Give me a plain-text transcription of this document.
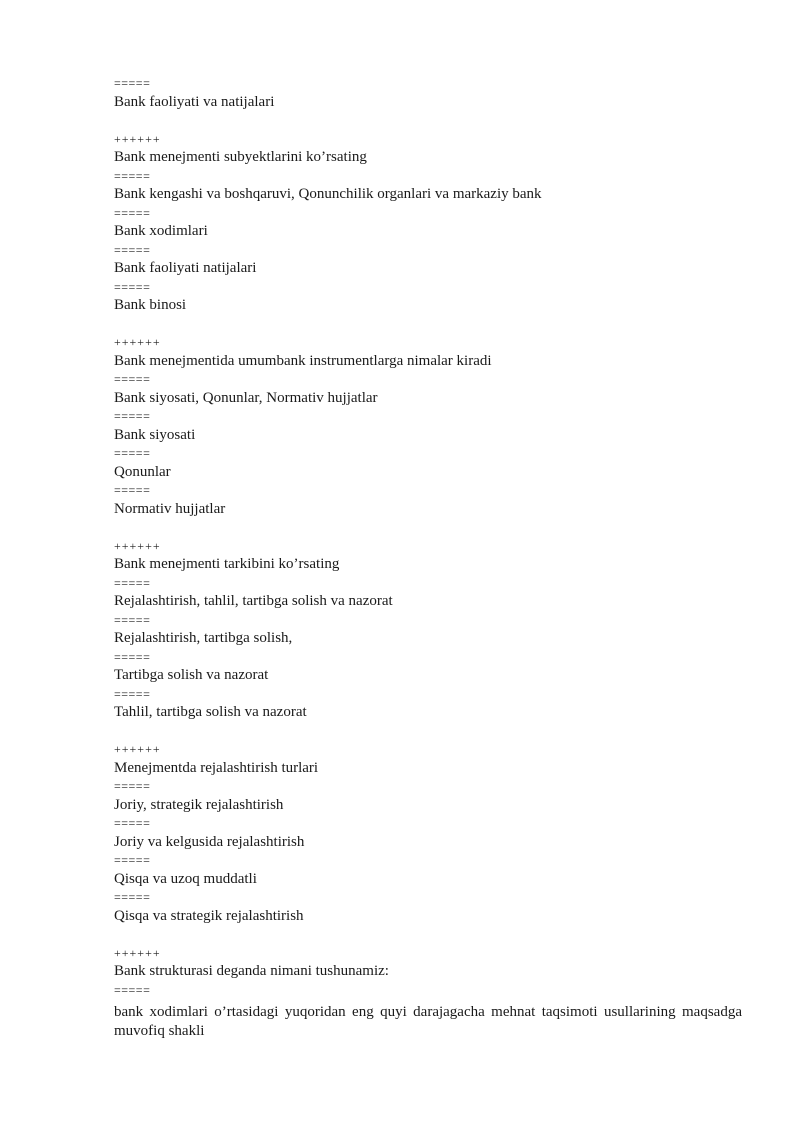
=====
Bank faoliyati va natijalari
++++++
Bank menejmenti subyektlarini ko’rsating
=====
Bank kengashi va boshqaruvi, Qonunchilik organlari va markaziy bank
=====
Bank xodimlari
=====
Bank faoliyati natijalari
=====
Bank binosi
++++++
Bank menejmentida umumbank instrumentlarga nimalar kiradi
=====
Bank siyosati, Qonunlar, Normativ hujjatlar
=====
Bank siyosati
=====
Qonunlar
=====
Normativ hujjatlar
++++++
Bank menejmenti tarkibini ko’rsating
=====
Rejalashtirish, tahlil, tartibga solish va nazorat
=====
Rejalashtirish, tartibga solish,
=====
Tartibga solish va nazorat
=====
Tahlil, tartibga solish va nazorat
++++++
Menejmentda rejalashtirish turlari
=====
Joriy, strategik rejalashtirish
=====
Joriy va kelgusida rejalashtirish
=====
Qisqa va uzoq muddatli
=====
Qisqa va strategik rejalashtirish
++++++
Bank strukturasi deganda nimani tushunamiz:
=====
bank xodimlari o’rtasidagi yuqoridan eng quyi darajagacha mehnat taqsimoti usullarining maqsadga muvofiq shakli
